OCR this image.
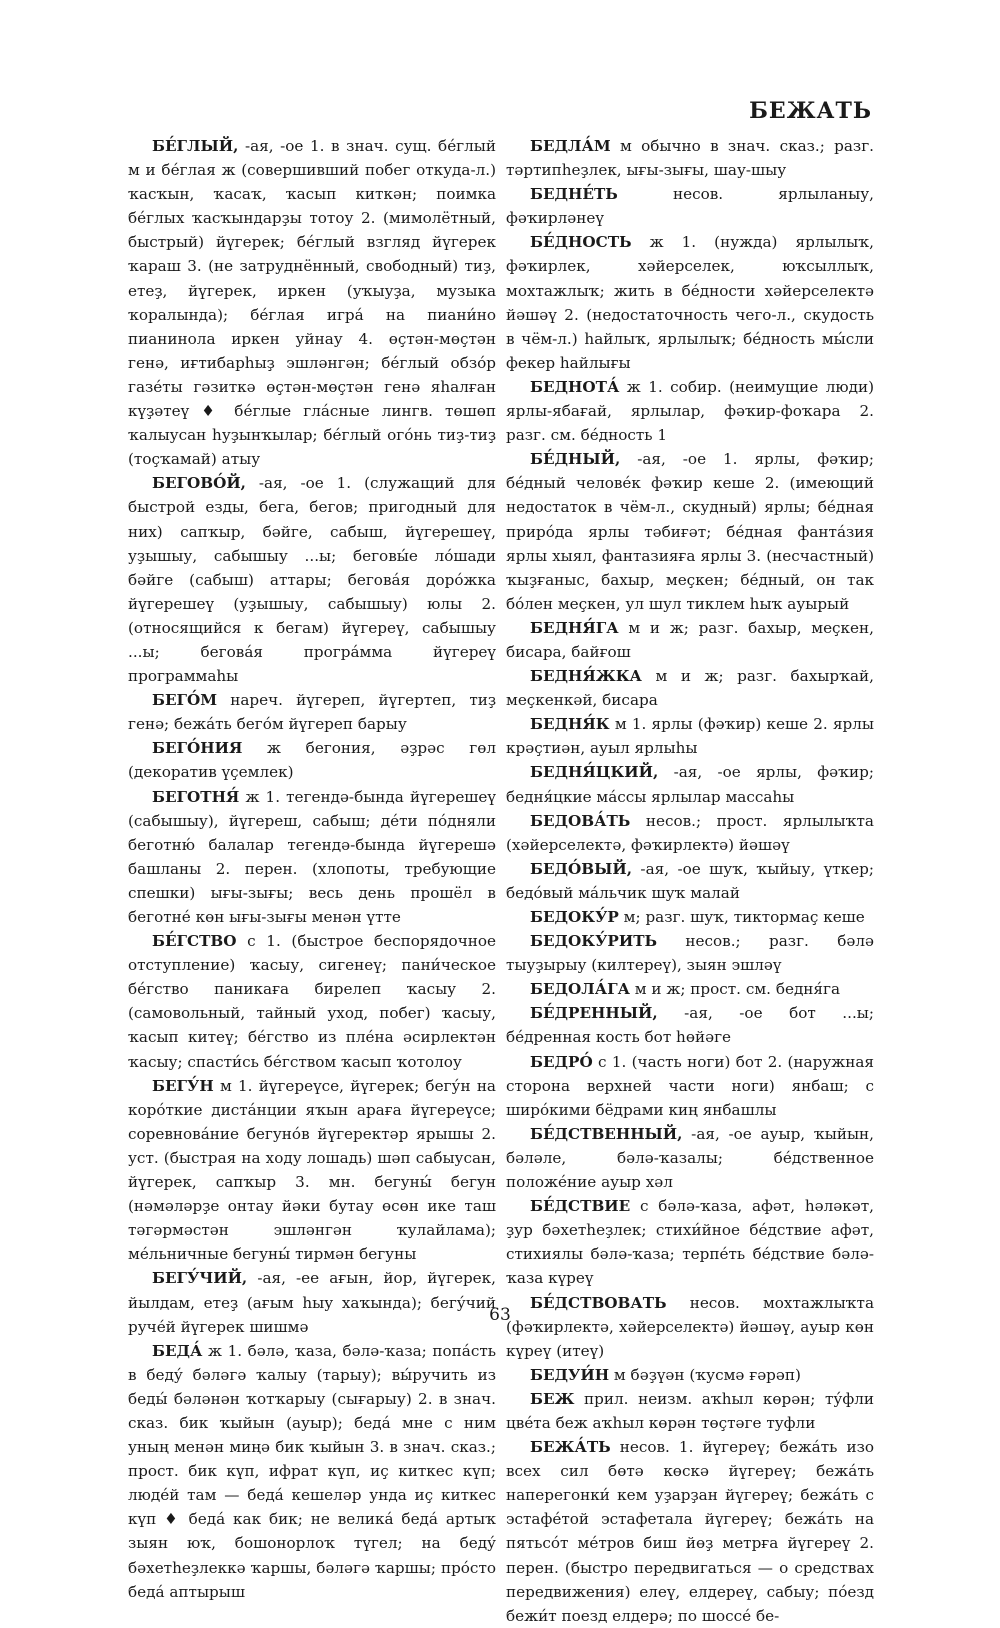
БЕЖАТЬ

БЕ́ГЛЫЙ, -ая, -ое 1. в знач. сущ. бе́глый м и бе́глая ж (совершивший побег откуда-л.) ҡасҡын, ҡасаҡ, ҡасып киткән; поимка бе́глых ҡасҡындарҙы тотоу 2. (мимолётный, быстрый) йүгерек; бе́глый взгляд йүгерек ҡараш 3. (не затруднённый, свободный) тиҙ, етеҙ, йүгерек, иркен (уҡыуҙа, музыка ҡоралында); бе́глая игра́ на пиани́но пианинола иркен уйнау 4. өҫтән-мөҫтән генә, иғтибарһыҙ эшләнгән; бе́глый обзо́р газе́ты гәзиткә өҫтән-мөҫтән генә яһалған күҙәтеү ♦ бе́глые гла́сные лингв. төшөп ҡалыусан һуҙынҡылар; бе́глый ого́нь тиҙ-тиҙ (тоҫҡамай) атыу

БЕГОВО́Й, -ая, -ое 1. (служащий для быстрой езды, бега, бегов; пригодный для них) сапҡыр, бәйге, сабыш, йүгерешеү, уҙышыу, сабышыу ...ы; беговы́е ло́шади бәйге (сабыш) аттары; бегова́я доро́жка йүгерешеү (уҙышыу, сабышыу) юлы 2. (относящийся к бегам) йүгереү, сабышыу ...ы; бегова́я програ́мма йүгереү программаһы

БЕГО́М нареч. йүгереп, йүгертеп, тиҙ генә; бежа́ть бего́м йүгереп барыу

БЕГО́НИЯ ж бегония, әҙрәс гөл (декоратив үҫемлек)

БЕГОТНЯ́ ж 1. тегендә-бында йүгерешеү (сабышыу), йүгереш, сабыш; де́ти по́дняли беготню́ балалар тегендә-бында йүгерешә башланы 2. перен. (хлопоты, требующие спешки) ығы-зығы; весь день прошёл в беготне́ көн ығы-зығы менән үтте

БЕ́ГСТВО с 1. (быстрое беспорядочное отступление) ҡасыу, сигенеү; пани́ческое бе́гство паникаға бирелеп ҡасыу 2. (самовольный, тайный уход, побег) ҡасыу, ҡасып китеү; бе́гство из пле́на әсирлектән ҡасыу; спасти́сь бе́гством ҡасып ҡотолоу

БЕГУ́Н м 1. йүгереүсе, йүгерек; бегу́н на коро́ткие диста́нции яҡын араға йүгереүсе; соревнова́ние бегуно́в йүгеректәр ярышы 2. уст. (быстрая на ходу лошадь) шәп сабыусан, йүгерек, сапҡыр 3. мн. бегуны́ бегун (нәмәләрҙе онтау йәки бутау өсөн ике таш тәгәрмәстән эшләнгән ҡулайлама); ме́льничные бегуны́ тирмән бегуны

БЕГУ́ЧИЙ, -ая, -ее ағын, йор, йүгерек, йылдам, етеҙ (ағым һыу хаҡында); бегу́чий руче́й йүгерек шишмә

БЕДА́ ж 1. бәлә, ҡаза, бәлә-ҡаза; попа́сть в беду́ бәләгә ҡалыу (тарыу); вы́ручить из беды́ бәләнән ҡотҡарыу (сығарыу) 2. в знач. сказ. бик ҡыйын (ауыр); беда́ мне с ним уның менән миңә бик ҡыйын 3. в знач. сказ.; прост. бик күп, ифрат күп, иҫ киткес күп; люде́й там — беда́ кешеләр унда иҫ киткес күп ♦ беда́ как бик; не велика́ беда́ артыҡ зыян юҡ, бошонорлоҡ түгел; на беду́ бәхетһеҙлеккә ҡаршы, бәләгә ҡаршы; про́сто беда́ аптырыш

БЕДЛА́М м обычно в знач. сказ.; разг. тәртипһеҙлек, ығы-зығы, шау-шыу

БЕДНЕ́ТЬ несов. ярлыланыу, фәҡирләнеү

БЕ́ДНОСТЬ ж 1. (нужда) ярлылыҡ, фәҡирлек, хәйерселек, юҡсыллыҡ, мохтажлыҡ; жить в бе́дности хәйерселектә йәшәү 2. (недостаточность чего-л., скудость в чём-л.) һайлыҡ, ярлылыҡ; бе́дность мы́сли фекер һайлығы

БЕДНОТА́ ж 1. собир. (неимущие люди) ярлы-ябағай, ярлылар, фәҡир-фоҡара 2. разг. см. бе́дность 1

БЕ́ДНЫЙ, -ая, -ое 1. ярлы, фәҡир; бе́дный челове́к фәҡир кеше 2. (имеющий недостаток в чём-л., скудный) ярлы; бе́дная приро́да ярлы тәбиғәт; бе́дная фанта́зия ярлы хыял, фантазияға ярлы 3. (несчастный) ҡыҙғаныс, бахыр, меҫкен; бе́дный, он так бо́лен меҫкен, ул шул тиклем һыҡ ауырый

БЕДНЯ́ГА м и ж; разг. бахыр, меҫкен, бисара, байғош

БЕДНЯ́ЖКА м и ж; разг. бахырҡай, меҫкенкәй, бисара

БЕДНЯ́К м 1. ярлы (фәҡир) кеше 2. ярлы крәҫтиән, ауыл ярлыһы

БЕДНЯ́ЦКИЙ, -ая, -ое ярлы, фәҡир; бедня́цкие ма́ссы ярлылар массаһы

БЕДОВА́ТЬ несов.; прост. ярлылыҡта (хәйерселектә, фәҡирлектә) йәшәү

БЕДО́ВЫЙ, -ая, -ое шуҡ, ҡыйыу, үткер; бедо́вый ма́льчик шуҡ малай

БЕДОКУ́Р м; разг. шуҡ, тиктормаҫ кеше

БЕДОКУ́РИТЬ несов.; разг. бәлә тыуҙырыу (килтереү), зыян эшләү

БЕДОЛА́ГА м и ж; прост. см. бедня́га

БЕ́ДРЕННЫЙ, -ая, -ое бот ...ы; бе́дренная кость бот һөйәге

БЕДРО́ с 1. (часть ноги) бот 2. (наружная сторона верхней части ноги) янбаш; с широ́кими бёдрами киң янбашлы

БЕ́ДСТВЕННЫЙ, -ая, -ое ауыр, ҡыйын, бәләле, бәлә-ҡазалы; бе́дственное положе́ние ауыр хәл

БЕ́ДСТВИЕ с бәлә-ҡаза, афәт, һәләкәт, ҙур бәхетһеҙлек; стихи́йное бе́дствие афәт, стихиялы бәлә-ҡаза; терпе́ть бе́дствие бәлә-ҡаза күреү

БЕ́ДСТВОВАТЬ несов. мохтажлыҡта (фәҡирлектә, хәйерселектә) йәшәү, ауыр көн күреү (итеү)

БЕДУИ́Н м бәҙүән (ҡусмә ғәрәп)

БЕЖ прил. неизм. аҡһыл көрән; ту́фли цве́та беж аҡһыл көрән төҫтәге туфли

БЕЖА́ТЬ несов. 1. йүгереү; бежа́ть изо всех сил бөтә көскә йүгереү; бежа́ть наперегонки́ кем уҙарҙан йүгереү; бежа́ть с эстафе́той эстафетала йүгереү; бежа́ть на пятьсо́т ме́тров биш йөҙ метрға йүгереү 2. перен. (быстро передвигаться — о средствах передвижения) елеү, елдереү, сабыу; по́езд бежи́т поезд елдерә; по шоссе́ бе-

63
